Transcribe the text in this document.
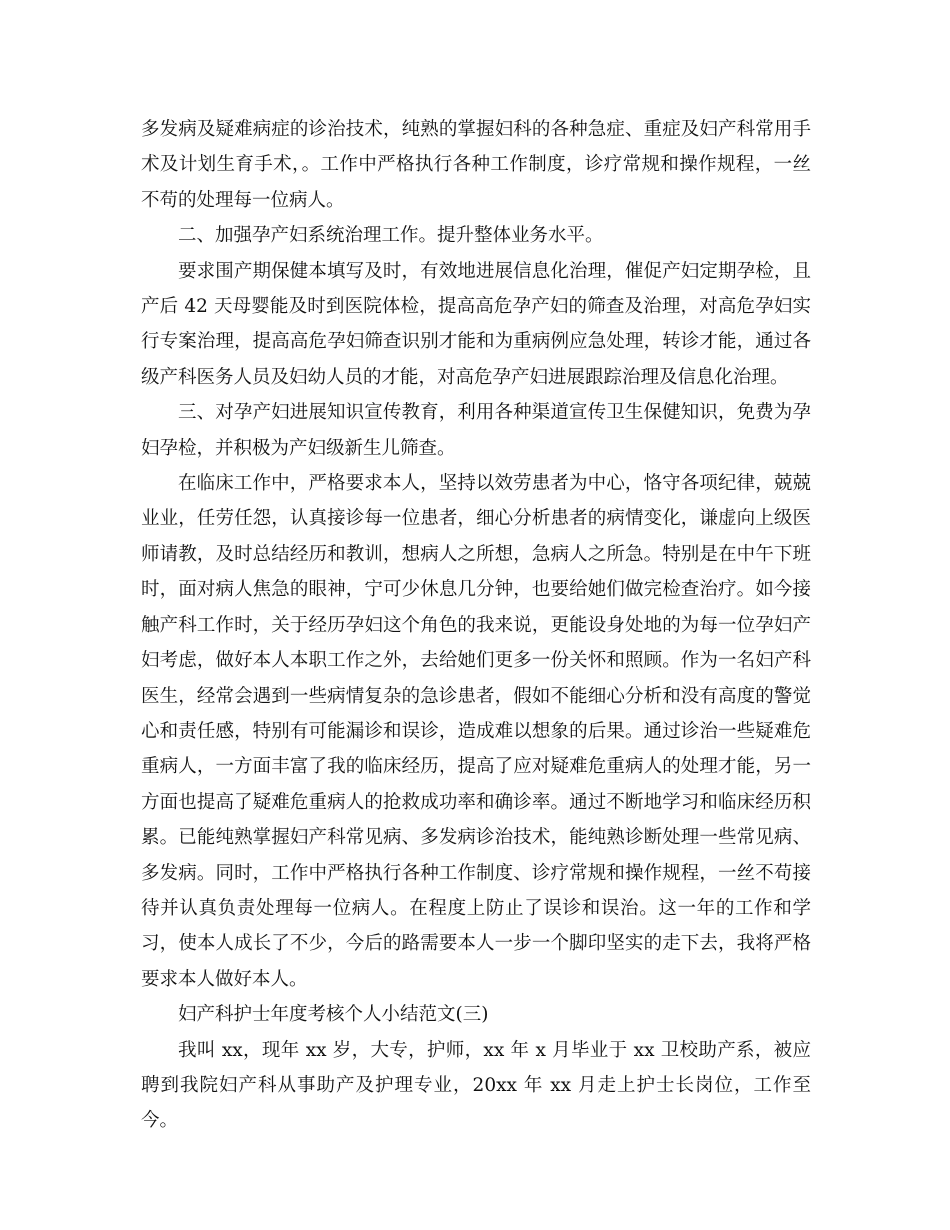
多发病及疑难病症的诊治技术，纯熟的掌握妇科的各种急症、重症及妇产科常用手术及计划生育手术，。工作中严格执行各种工作制度，诊疗常规和操作规程，一丝不苟的处理每一位病人。

二、加强孕产妇系统治理工作。提升整体业务水平。

要求围产期保健本填写及时，有效地进展信息化治理，催促产妇定期孕检，且产后 42 天母婴能及时到医院体检，提高高危孕产妇的筛查及治理，对高危孕妇实行专案治理，提高高危孕妇筛查识别才能和为重病例应急处理，转诊才能，通过各级产科医务人员及妇幼人员的才能，对高危孕产妇进展跟踪治理及信息化治理。

三、对孕产妇进展知识宣传教育，利用各种渠道宣传卫生保健知识，免费为孕妇孕检，并积极为产妇级新生儿筛查。

在临床工作中，严格要求本人，坚持以效劳患者为中心，恪守各项纪律，兢兢业业，任劳任怨，认真接诊每一位患者，细心分析患者的病情变化，谦虚向上级医师请教，及时总结经历和教训，想病人之所想，急病人之所急。特别是在中午下班时，面对病人焦急的眼神，宁可少休息几分钟，也要给她们做完检查治疗。如今接触产科工作时，关于经历孕妇这个角色的我来说，更能设身处地的为每一位孕妇产妇考虑，做好本人本职工作之外，去给她们更多一份关怀和照顾。作为一名妇产科医生，经常会遇到一些病情复杂的急诊患者，假如不能细心分析和没有高度的警觉心和责任感，特别有可能漏诊和误诊，造成难以想象的后果。通过诊治一些疑难危重病人，一方面丰富了我的临床经历，提高了应对疑难危重病人的处理才能，另一方面也提高了疑难危重病人的抢救成功率和确诊率。通过不断地学习和临床经历积累。已能纯熟掌握妇产科常见病、多发病诊治技术，能纯熟诊断处理一些常见病、多发病。同时，工作中严格执行各种工作制度、诊疗常规和操作规程，一丝不苟接待并认真负责处理每一位病人。在程度上防止了误诊和误治。这一年的工作和学习，使本人成长了不少，今后的路需要本人一步一个脚印坚实的走下去，我将严格要求本人做好本人。

妇产科护士年度考核个人小结范文(三)

我叫 xx，现年 xx 岁，大专，护师，xx 年 x 月毕业于 xx 卫校助产系，被应聘到我院妇产科从事助产及护理专业，20xx 年 xx 月走上护士长岗位，工作至今。
